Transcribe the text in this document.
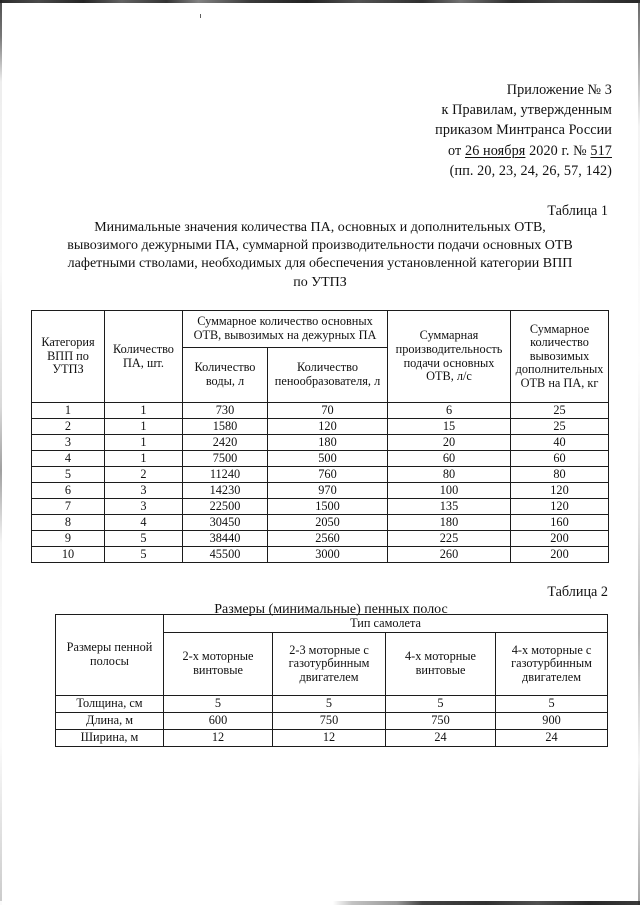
Приложение № 3
к Правилам, утвержденным
приказом Минтранса России
от 26 ноября 2020 г. № 517
(пп. 20, 23, 24, 26, 57, 142)
Таблица 1
Минимальные значения количества ПА, основных и дополнительных ОТВ,
вывозимого дежурными ПА, суммарной производительности подачи основных ОТВ
лафетными стволами, необходимых для обеспечения установленной категории ВПП
по УТПЗ
Категория ВПП по УТПЗ	Количество ПА, шт.	Суммарное количество основных ОТВ, вывозимых на дежурных ПА		Суммарная производительность подачи основных ОТВ, л/с	Суммарное количество вывозимых дополнительных ОТВ на ПА, кг
		Количество воды, л	Количество пенообразователя, л		
1	1	730	70	6	25
2	1	1580	120	15	25
3	1	2420	180	20	40
4	1	7500	500	60	60
5	2	11240	760	80	80
6	3	14230	970	100	120
7	3	22500	1500	135	120
8	4	30450	2050	180	160
9	5	38440	2560	225	200
10	5	45500	3000	260	200
Таблица 2
Размеры (минимальные) пенных полос
Размеры пенной полосы	Тип самолета			
	2-х моторные винтовые	2-3 моторные с газотурбинным двигателем	4-х моторные винтовые	4-х моторные с газотурбинным двигателем
Толщина, см	5	5	5	5
Длина, м	600	750	750	900
Ширина, м	12	12	24	24
